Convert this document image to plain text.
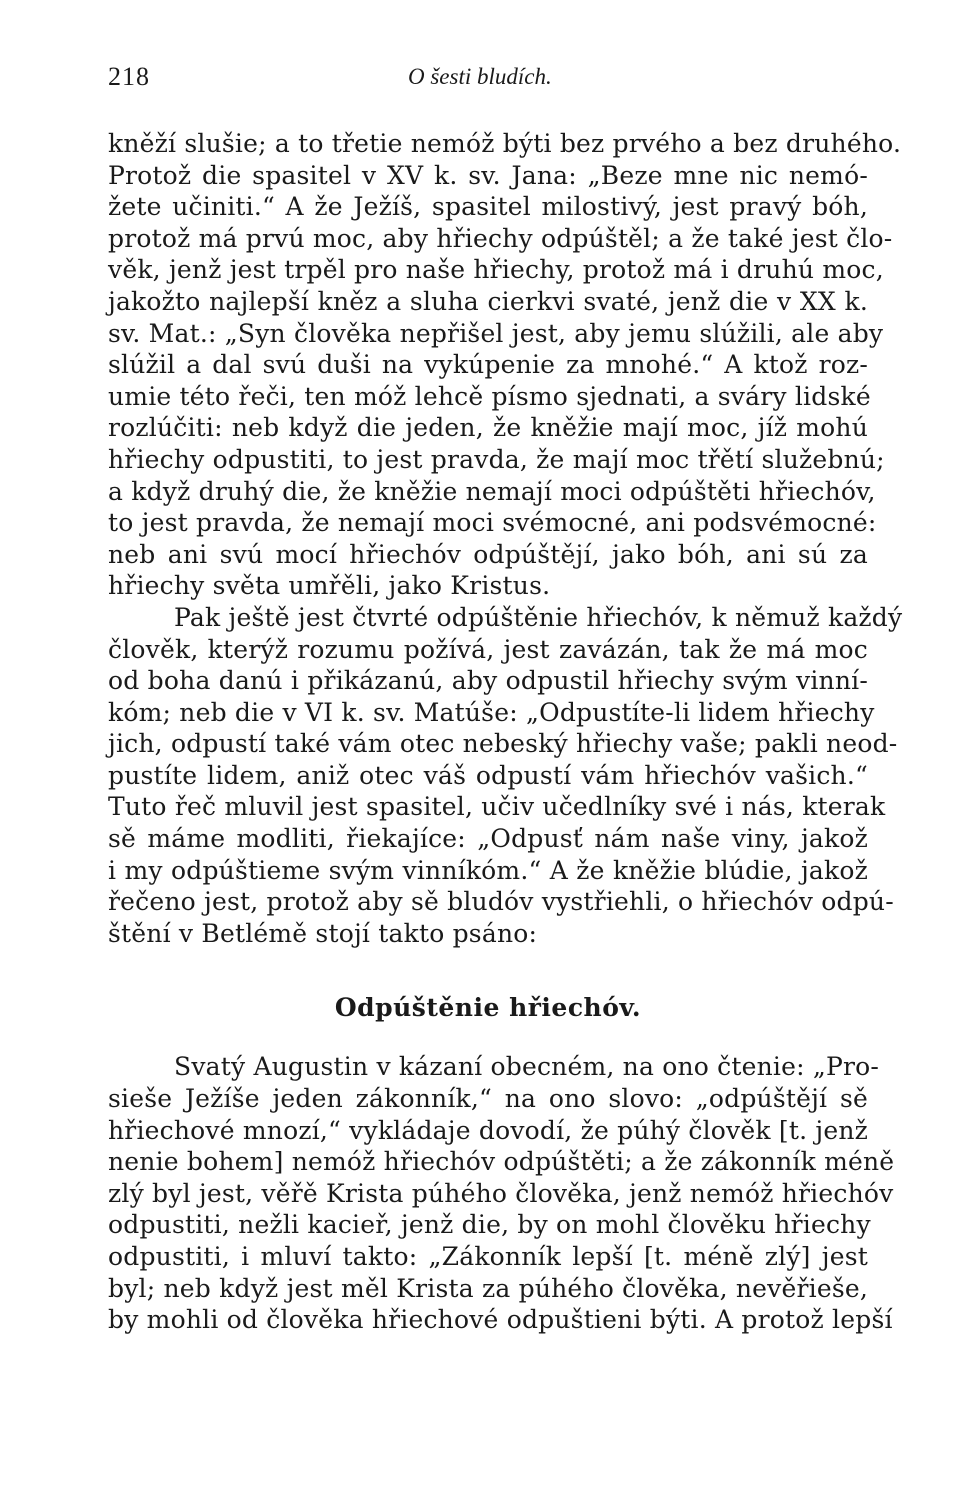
218	O šesti bludích.
kněží slušie; a to třetie nemóž býti bez prvého a bez druhého.
Protož die spasitel v XV k. sv. Jana: „Beze mne nic nemó-
žete učiniti.“ A že Ježíš, spasitel milostivý, jest pravý bóh,
protož má prvú moc, aby hřiechy odpúštěl; a že také jest člo-
věk, jenž jest trpěl pro naše hřiechy, protož má i druhú moc,
jakožto najlepší kněz a sluha cierkvi svaté, jenž die v XX k.
sv. Mat.: „Syn člověka nepřišel jest, aby jemu slúžili, ale aby
slúžil a dal svú duši na vykúpenie za mnohé.“ A ktož roz-
umie této řeči, ten móž lehcě písmo sjednati, a sváry lidské
rozlúčiti: neb když die jeden, že kněžie mají moc, jíž mohú
hřiechy odpustiti, to jest pravda, že mají moc třětí služebnú;
a když druhý die, že kněžie nemají moci odpúštěti hřiechóv,
to jest pravda, že nemají moci svémocné, ani podsvémocné:
neb ani svú mocí hřiechóv odpúštějí, jako bóh, ani sú za
hřiechy světa umřěli, jako Kristus.
Pak ještě jest čtvrté odpúštěnie hřiechóv, k němuž každý
člověk, kterýž rozumu požívá, jest zavázán, tak že má moc
od boha danú i přikázanú, aby odpustil hřiechy svým vinní-
kóm; neb die v VI k. sv. Matúše: „Odpustíte-li lidem hřiechy
jich, odpustí také vám otec nebeský hřiechy vaše; pakli neod-
pustíte lidem, aniž otec váš odpustí vám hřiechóv vašich.“
Tuto řeč mluvil jest spasitel, učiv učedlníky své i nás, kterak
sě máme modliti, řiekajíce: „Odpusť nám naše viny, jakož
i my odpúštieme svým vinníkóm.“ A že kněžie blúdie, jakož
řečeno jest, protož aby sě bludóv vystřiehli, o hřiechóv odpú-
štění v Betlémě stojí takto psáno:
Odpúštěnie hřiechóv.
Svatý Augustin v kázaní obecném, na ono čtenie: „Pro-
sieše Ježíše jeden zákonník,“ na ono slovo: „odpúštějí sě
hřiechové mnozí,“ vykládaje dovodí, že púhý člověk [t. jenž
nenie bohem] nemóž hřiechóv odpúštěti; a že zákonník méně
zlý byl jest, věřě Krista púhého člověka, jenž nemóž hřiechóv
odpustiti, nežli kacieř, jenž die, by on mohl člověku hřiechy
odpustiti, i mluví takto: „Zákonník lepší [t. méně zlý] jest
byl; neb když jest měl Krista za púhého člověka, nevěřieše,
by mohli od člověka hřiechové odpuštieni býti. A protož lepší
